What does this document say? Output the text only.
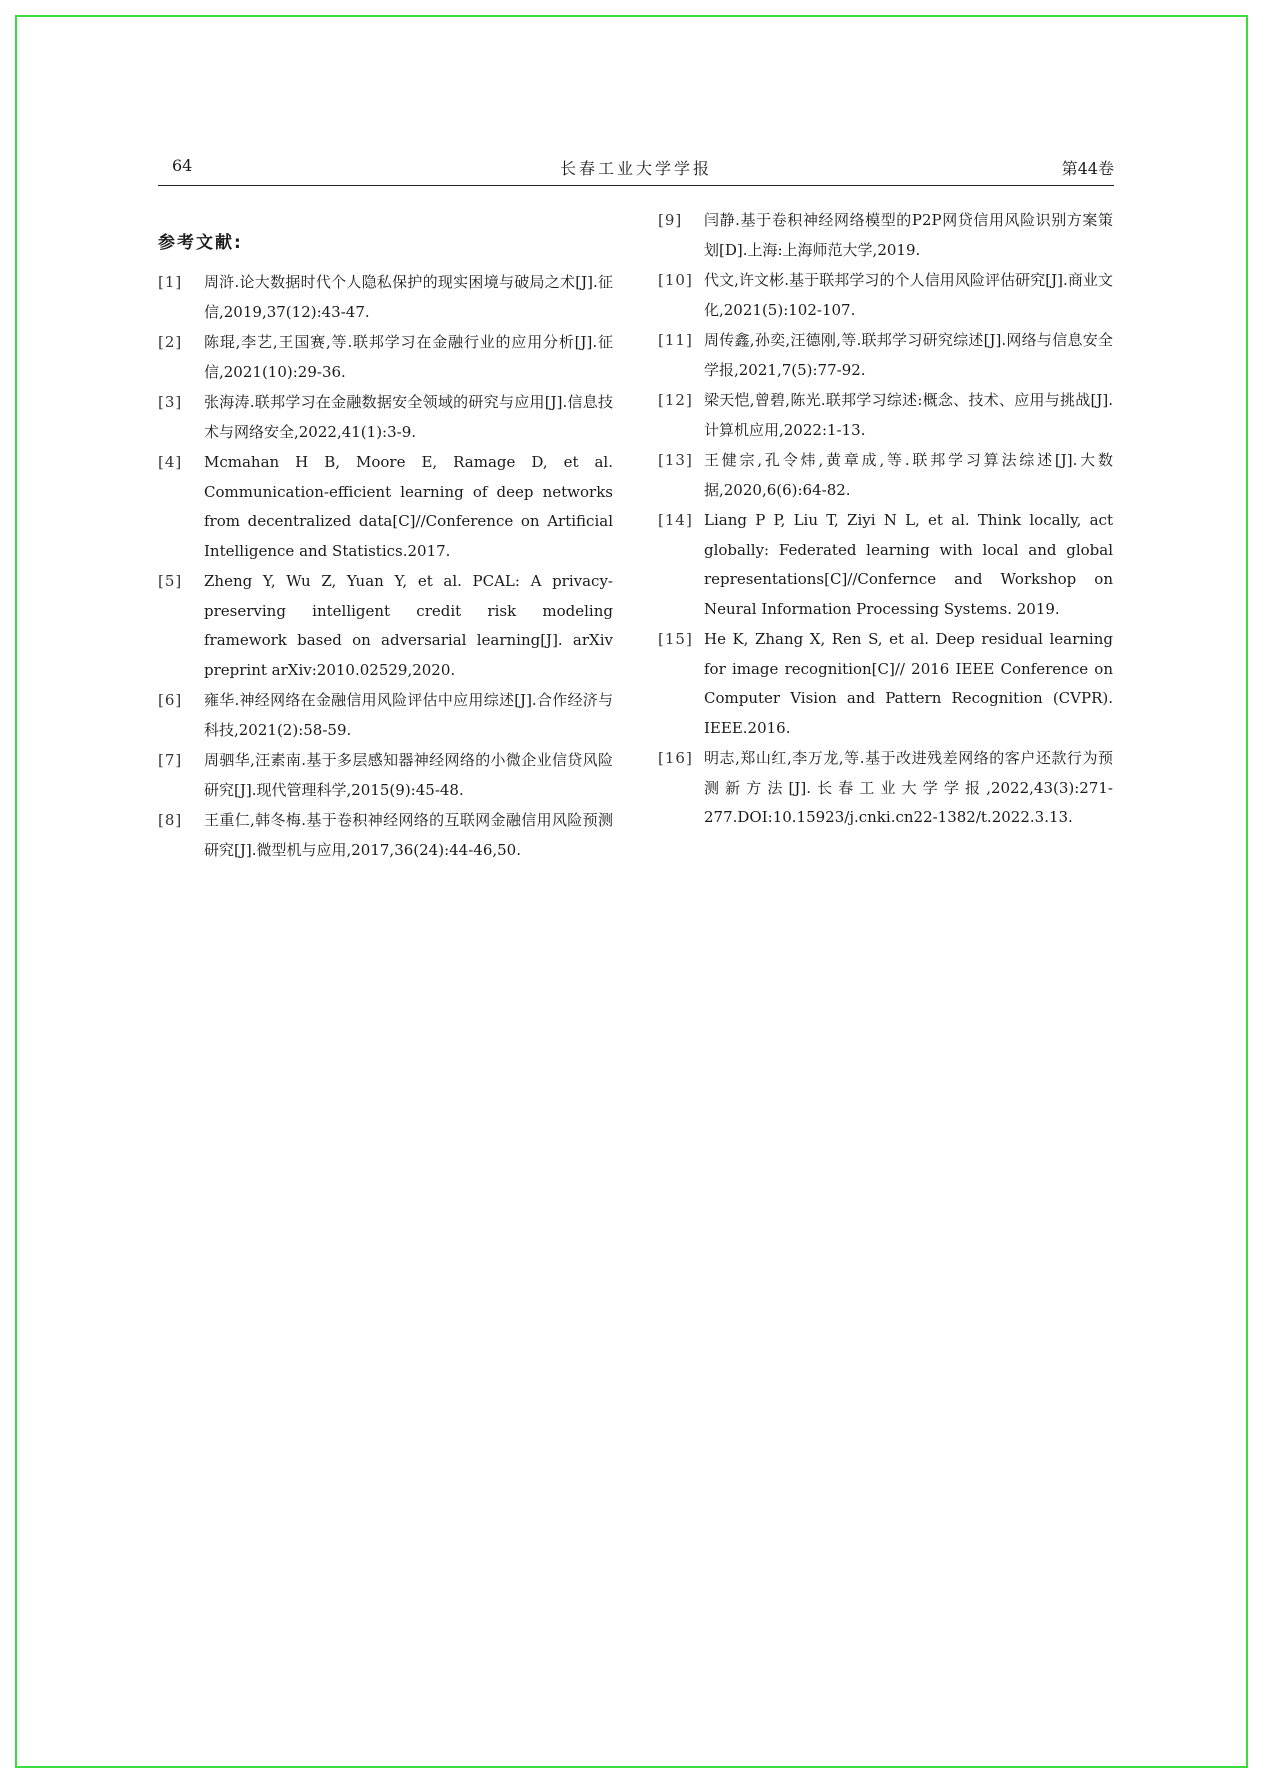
64	长春工业大学学报	第44卷
参考文献:
[1] 周浒.论大数据时代个人隐私保护的现实困境与破局之术[J].征信,2019,37(12):43-47.
[2] 陈琨,李艺,王国赛,等.联邦学习在金融行业的应用分析[J].征信,2021(10):29-36.
[3] 张海涛.联邦学习在金融数据安全领域的研究与应用[J].信息技术与网络安全,2022,41(1):3-9.
[4] Mcmahan H B, Moore E, Ramage D, et al. Communication-efficient learning of deep networks from decentralized data[C]//Conference on Artificial Intelligence and Statistics.2017.
[5] Zheng Y, Wu Z, Yuan Y, et al. PCAL: A privacy-preserving intelligent credit risk modeling framework based on adversarial learning[J]. arXiv preprint arXiv:2010.02529,2020.
[6] 雍华.神经网络在金融信用风险评估中应用综述[J].合作经济与科技,2021(2):58-59.
[7] 周驷华,汪素南.基于多层感知器神经网络的小微企业信贷风险研究[J].现代管理科学,2015(9):45-48.
[8] 王重仁,韩冬梅.基于卷积神经网络的互联网金融信用风险预测研究[J].微型机与应用,2017,36(24):44-46,50.
[9] 闫静.基于卷积神经网络模型的P2P网贷信用风险识别方案策划[D].上海:上海师范大学,2019.
[10] 代文,许文彬.基于联邦学习的个人信用风险评估研究[J].商业文化,2021(5):102-107.
[11] 周传鑫,孙奕,汪德刚,等.联邦学习研究综述[J].网络与信息安全学报,2021,7(5):77-92.
[12] 梁天恺,曾碧,陈光.联邦学习综述:概念、技术、应用与挑战[J].计算机应用,2022:1-13.
[13] 王健宗,孔令炜,黄章成,等.联邦学习算法综述[J].大数据,2020,6(6):64-82.
[14] Liang P P, Liu T, Ziyi N L, et al. Think locally, act globally: Federated learning with local and global representations[C]//Confernce and Workshop on Neural Information Processing Systems. 2019.
[15] He K, Zhang X, Ren S, et al. Deep residual learning for image recognition[C]// 2016 IEEE Conference on Computer Vision and Pattern Recognition (CVPR). IEEE.2016.
[16] 明志,郑山红,李万龙,等.基于改进残差网络的客户还款行为预测新方法[J].长春工业大学学报,2022,43(3):271-277.DOI:10.15923/j.cnki.cn22-1382/t.2022.3.13.
